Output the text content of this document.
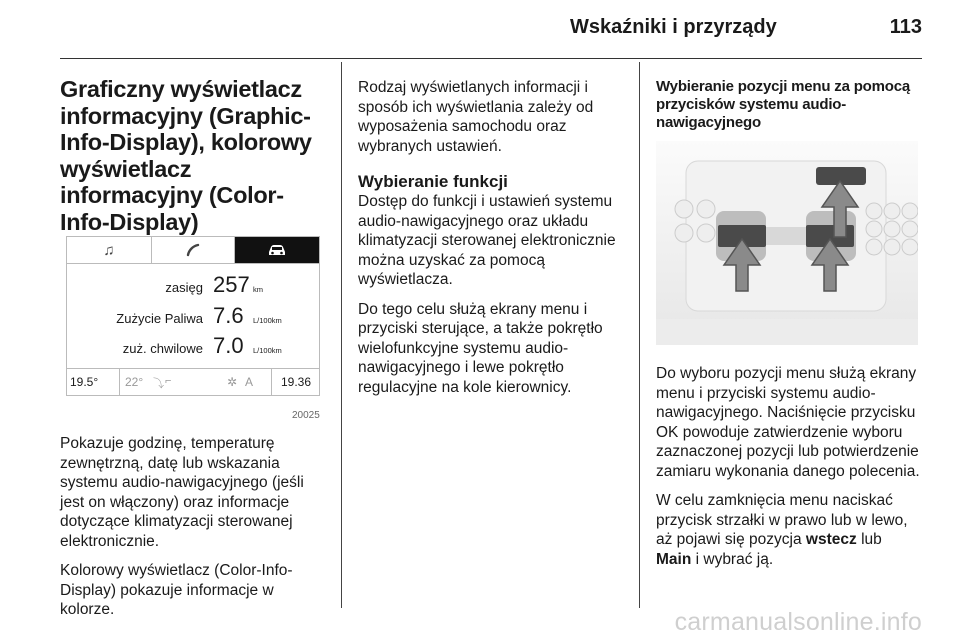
Wskaźniki i przyrządy	113
Graficzny wyświetlacz informacyjny (Graphic-Info-Display), kolorowy wyświetlacz informacyjny (Color-Info-Display)
♫
zasięg 257 km
Zużycie Paliwa 7.6	L/100km
zuż. chwilowe 7.0	L/100km
19.5° 22° ⤵ ⌐	✲ A 19.36
20025

Pokazuje godzinę, temperaturę zewnętrzną, datę lub wskazania systemu audio-nawigacyjnego (jeśli jest on włączony) oraz informacje dotyczące klimatyzacji sterowanej elektronicznie.

Kolorowy wyświetlacz (Color-Info-Display) pokazuje informacje w kolorze.

Rodzaj wyświetlanych informacji i sposób ich wyświetlania zależy od wyposażenia samochodu oraz wybranych ustawień.

Wybieranie funkcji

Dostęp do funkcji i ustawień systemu audio-nawigacyjnego oraz układu klimatyzacji sterowanej elektronicznie można uzyskać za pomocą wyświetlacza.

Do tego celu służą ekrany menu i przyciski sterujące, a także pokrętło wielofunkcyjne systemu audio-nawigacyjnego i lewe pokrętło regulacyjne na kole kierownicy.

Wybieranie pozycji menu za pomocą przycisków systemu audio-nawigacyjnego

Do wyboru pozycji menu służą ekrany menu i przyciski systemu audio-nawigacyjnego. Naciśnięcie przycisku OK powoduje zatwierdzenie wyboru zaznaczonej pozycji lub potwierdzenie zamiaru wykonania danego polecenia.

W celu zamknięcia menu naciskać przycisk strzałki w prawo lub w lewo, aż pojawi się pozycja wstecz lub
Main i wybrać ją.

carmanualsonline.info
